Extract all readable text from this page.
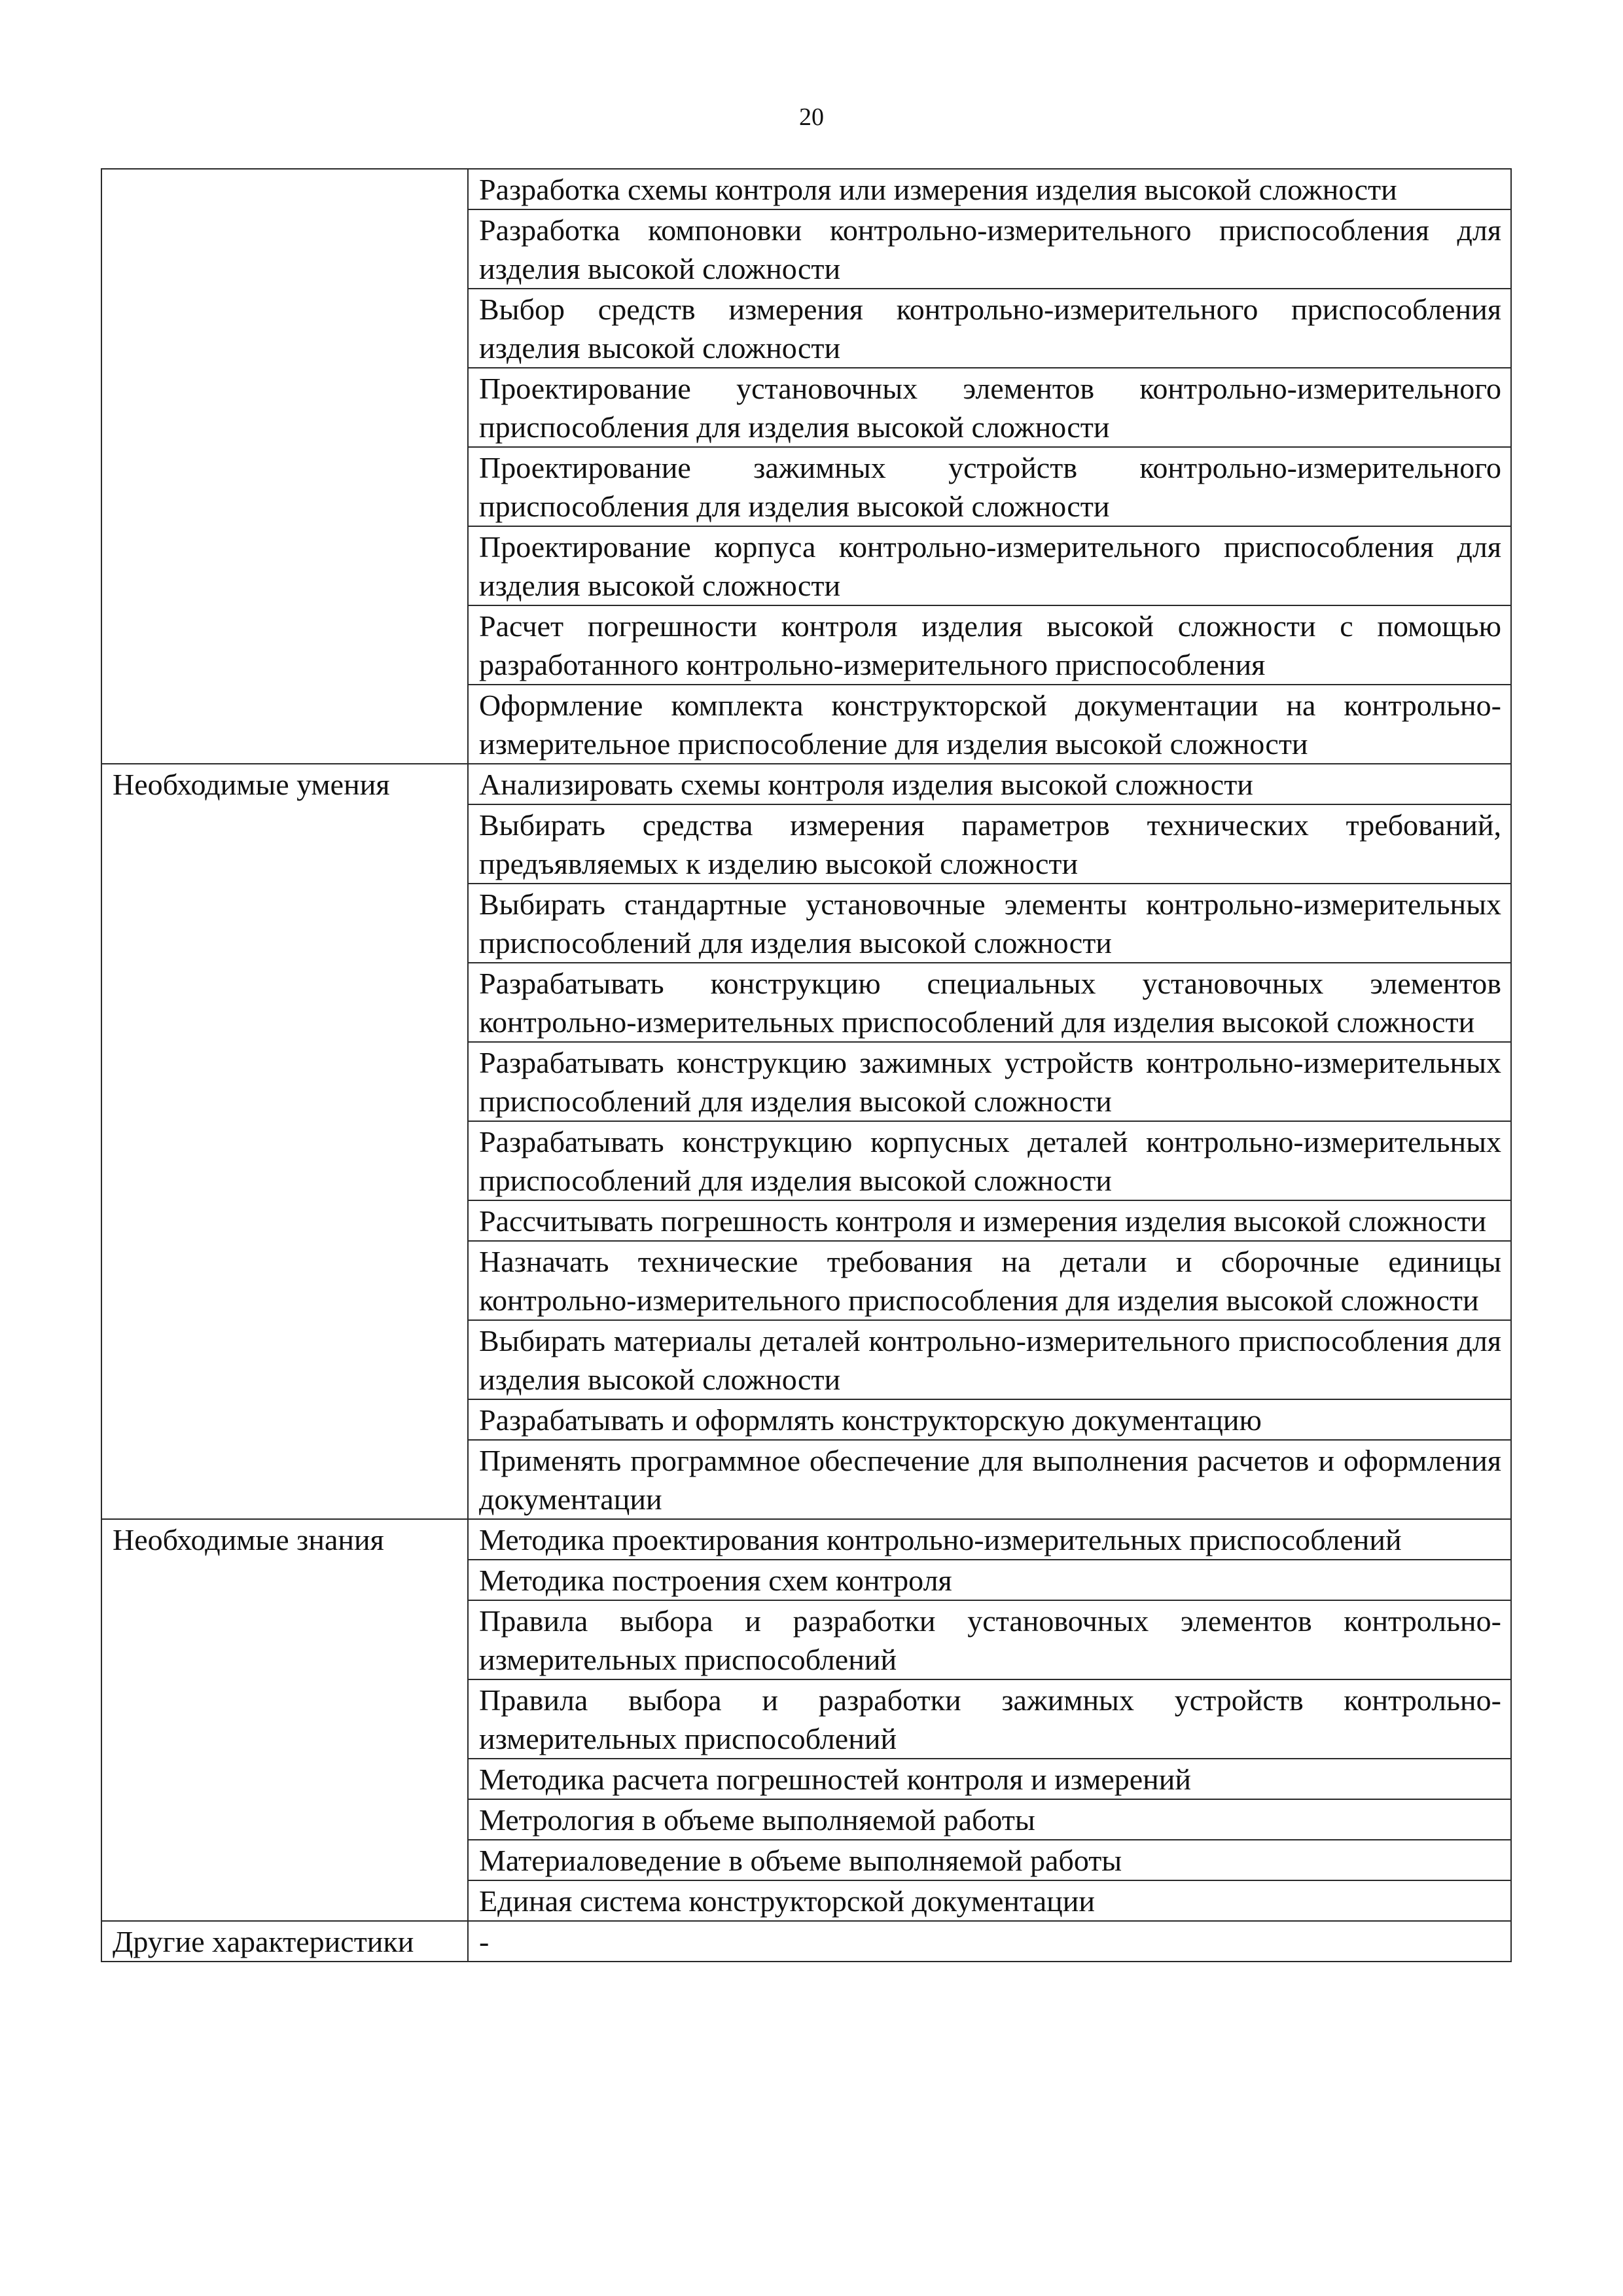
20
	Разработка схемы контроля или измерения изделия высокой сложности
	Разработка компоновки контрольно-измерительного приспособления для изделия высокой сложности
	Выбор средств измерения контрольно-измерительного приспособления изделия высокой сложности
	Проектирование установочных элементов контрольно-измерительного приспособления для изделия высокой сложности
	Проектирование зажимных устройств контрольно-измерительного приспособления для изделия высокой сложности
	Проектирование корпуса контрольно-измерительного приспособления для изделия высокой сложности
	Расчет погрешности контроля изделия высокой сложности с помощью разработанного контрольно-измерительного приспособления
	Оформление комплекта конструкторской документации на контрольно-измерительное приспособление для изделия высокой сложности
Необходимые умения	Анализировать схемы контроля изделия высокой сложности
	Выбирать средства измерения параметров технических требований, предъявляемых к изделию высокой сложности
	Выбирать стандартные установочные элементы контрольно-измерительных приспособлений для изделия высокой сложности
	Разрабатывать конструкцию специальных установочных элементов контрольно-измерительных приспособлений для изделия высокой сложности
	Разрабатывать конструкцию зажимных устройств контрольно-измерительных приспособлений для изделия высокой сложности
	Разрабатывать конструкцию корпусных деталей контрольно-измерительных приспособлений для изделия высокой сложности
	Рассчитывать погрешность контроля и измерения изделия высокой сложности
	Назначать технические требования на детали и сборочные единицы контрольно-измерительного приспособления для изделия высокой сложности
	Выбирать материалы деталей контрольно-измерительного приспособления для изделия высокой сложности
	Разрабатывать и оформлять конструкторскую документацию
	Применять программное обеспечение для выполнения расчетов и оформления документации
Необходимые знания	Методика проектирования контрольно-измерительных приспособлений
	Методика построения схем контроля
	Правила выбора и разработки установочных элементов контрольно-измерительных приспособлений
	Правила выбора и разработки зажимных устройств контрольно-измерительных приспособлений
	Методика расчета погрешностей контроля и измерений
	Метрология в объеме выполняемой работы
	Материаловедение в объеме выполняемой работы
	Единая система конструкторской документации
Другие характеристики	-
